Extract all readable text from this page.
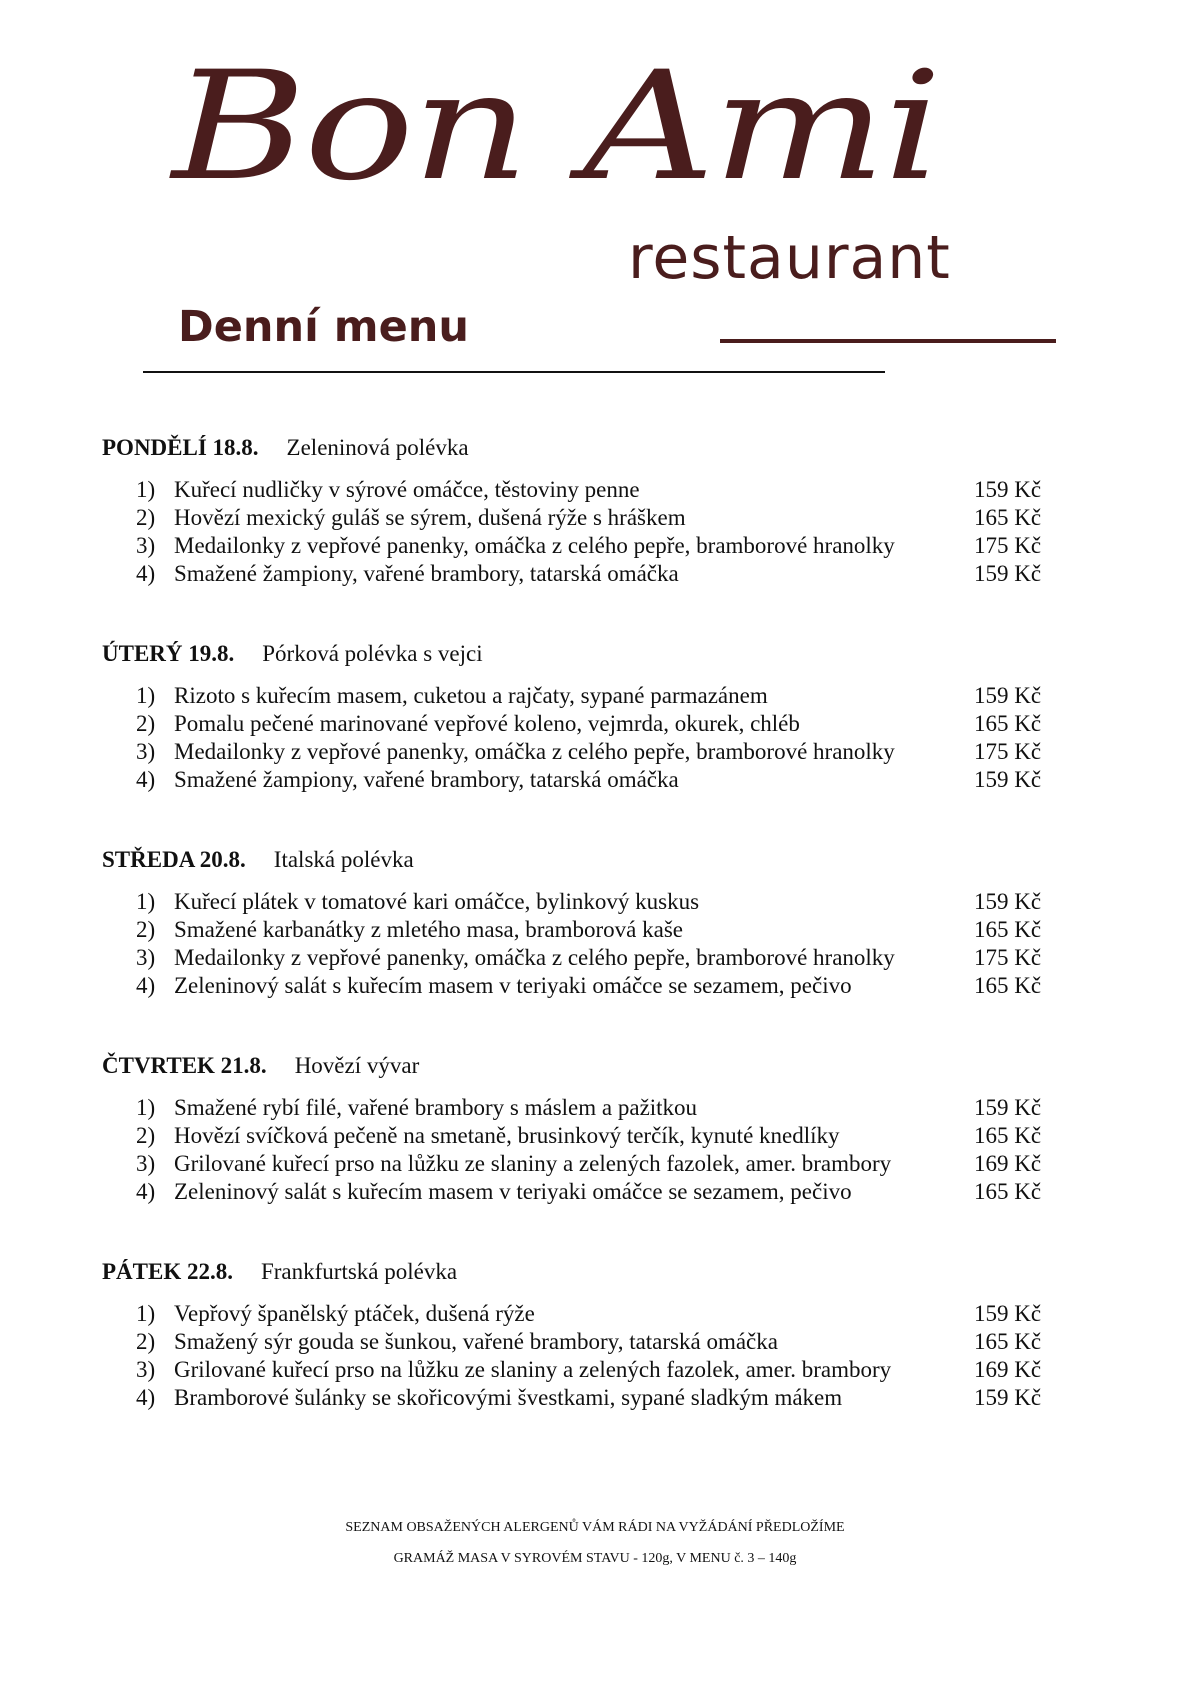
Bon Ami
restaurant
Denní menu
PONDĚLÍ 18.8. Zeleninová polévka
1) Kuřecí nudličky v sýrové omáčce, těstoviny penne	159 Kč
2) Hovězí mexický guláš se sýrem, dušená rýže s hráškem	165 Kč
3) Medailonky z vepřové panenky, omáčka z celého pepře, bramborové hranolky	175 Kč
4) Smažené žampiony, vařené brambory, tatarská omáčka	159 Kč
ÚTERÝ 19.8. Pórková polévka s vejci
1) Rizoto s kuřecím masem, cuketou a rajčaty, sypané parmazánem	159 Kč
2) Pomalu pečené marinované vepřové koleno, vejmrda, okurek, chléb	165 Kč
3) Medailonky z vepřové panenky, omáčka z celého pepře, bramborové hranolky	175 Kč
4) Smažené žampiony, vařené brambory, tatarská omáčka	159 Kč
STŘEDA 20.8. Italská polévka
1) Kuřecí plátek v tomatové kari omáčce, bylinkový kuskus	159 Kč
2) Smažené karbanátky z mletého masa, bramborová kaše	165 Kč
3) Medailonky z vepřové panenky, omáčka z celého pepře, bramborové hranolky	175 Kč
4) Zeleninový salát s kuřecím masem v teriyaki omáčce se sezamem, pečivo	165 Kč
ČTVRTEK 21.8. Hovězí vývar
1) Smažené rybí filé, vařené brambory s máslem a pažitkou	159 Kč
2) Hovězí svíčková pečeně na smetaně, brusinkový terčík, kynuté knedlíky	165 Kč
3) Grilované kuřecí prso na lůžku ze slaniny a zelených fazolek, amer. brambory	169 Kč
4) Zeleninový salát s kuřecím masem v teriyaki omáčce se sezamem, pečivo	165 Kč
PÁTEK 22.8. Frankfurtská polévka
1) Vepřový španělský ptáček, dušená rýže	159 Kč
2) Smažený sýr gouda se šunkou, vařené brambory, tatarská omáčka	165 Kč
3) Grilované kuřecí prso na lůžku ze slaniny a zelených fazolek, amer. brambory	169 Kč
4) Bramborové šulánky se skořicovými švestkami, sypané sladkým mákem	159 Kč
SEZNAM OBSAŽENÝCH ALERGENŮ VÁM RÁDI NA VYŽÁDÁNÍ PŘEDLOŽÍME
GRAMÁŽ MASA V SYROVÉM STAVU - 120g, V MENU č. 3 – 140g
